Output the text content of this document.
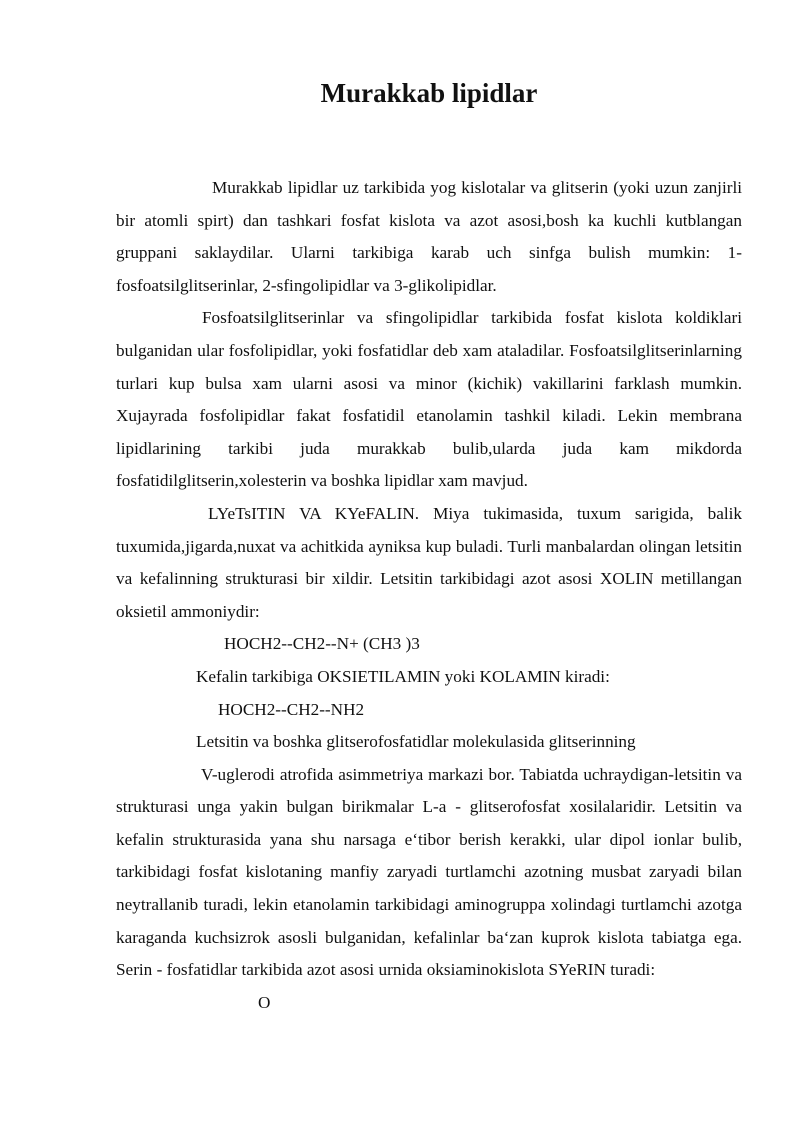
Murakkab lipidlar

Murakkab lipidlar uz tarkibida yog kislotalar va glitserin (yoki uzun zanjirli bir atomli spirt) dan tashkari fosfat kislota va azot asosi,bosh ka kuchli kutblangan gruppani saklaydilar. Ularni tarkibiga karab uch sinfga bulish mumkin: 1-fosfoatsilglitserinlar, 2-sfingolipidlar va 3-glikolipidlar.

Fosfoatsilglitserinlar va sfingolipidlar tarkibida fosfat kislota koldiklari bulganidan ular fosfolipidlar, yoki fosfatidlar deb xam ataladilar. Fosfoatsilglitserinlarning turlari kup bulsa xam ularni asosi va minor (kichik) vakillarini farklash mumkin. Xujayrada fosfolipidlar fakat fosfatidil etanolamin tashkil kiladi. Lekin membrana lipidlarining tarkibi juda murakkab bulib,ularda juda kam mikdorda fosfatidilglitserin,xolesterin va boshka lipidlar xam mavjud.

LYeTsITIN VA KYeFALIN. Miya tukimasida, tuxum sarigida, balik tuxumida,jigarda,nuxat va achitkida ayniksa kup buladi. Turli manbalardan olingan letsitin va kefalinning strukturasi bir xildir. Letsitin tarkibidagi azot asosi XOLIN metillangan oksietil ammoniydir:

HOCH2--CH2--N+ (CH3 )3

Kefalin tarkibiga OKSIETILAMIN yoki KOLAMIN kiradi:

HOCH2--CH2--NH2

Letsitin va boshka glitserofosfatidlar molekulasida glitserinning

V-uglerodi atrofida asimmetriya markazi bor. Tabiatda uchraydigan-letsitin va strukturasi unga yakin bulgan birikmalar L-a - glitserofosfat xosilalaridir. Letsitin va kefalin strukturasida yana shu narsaga e‘tibor berish kerakki, ular dipol ionlar bulib, tarkibidagi fosfat kislotaning manfiy zaryadi turtlamchi azotning musbat zaryadi bilan neytrallanib turadi, lekin etanolamin tarkibidagi aminogruppa xolindagi turtlamchi azotga karaganda kuchsizrok asosli bulganidan, kefalinlar ba‘zan kuprok kislota tabiatga ega. Serin - fosfatidlar tarkibida azot asosi urnida oksiaminokislota SYeRIN turadi:

O
